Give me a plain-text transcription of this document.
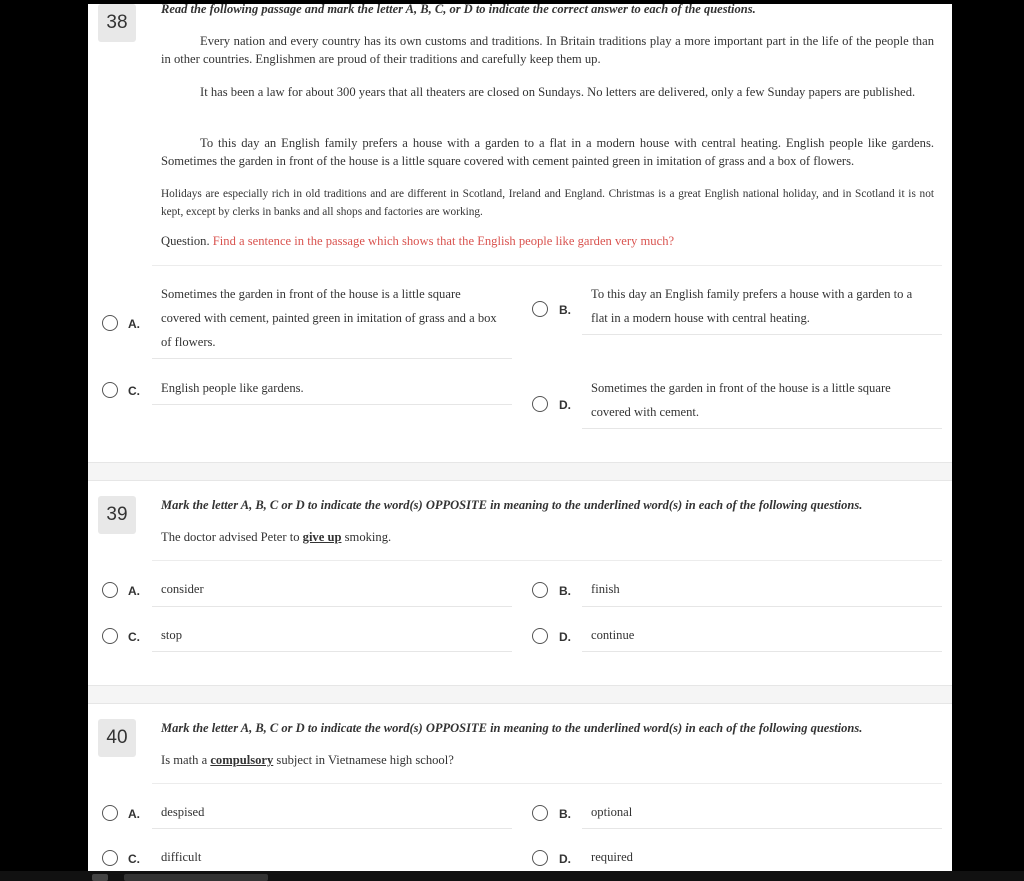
38
Read the following passage and mark the letter A, B, C, or D to indicate the correct answer to each of the questions.
Every nation and every country has its own customs and traditions. In Britain traditions play a more important part in the life of the people than in other countries. Englishmen are proud of their traditions and carefully keep them up.
It has been a law for about 300 years that all theaters are closed on Sundays. No letters are delivered, only a few Sunday papers are published.
To this day an English family prefers a house with a garden to a flat in a modern house with central heating. English people like gardens. Sometimes the garden in front of the house is a little square covered with cement painted green in imitation of grass and a box of flowers.
Holidays are especially rich in old traditions and are different in Scotland, Ireland and England. Christmas is a great English national holiday, and in Scotland it is not kept, except by clerks in banks and all shops and factories are working.
Question. Find a sentence in the passage which shows that the English people like garden very much?
A.
Sometimes the garden in front of the house is a little square covered with cement, painted green in imitation of grass and a box of flowers.
B.
To this day an English family prefers a house with a garden to a flat in a modern house with central heating.
C. English people like gardens.
D.
Sometimes the garden in front of the house is a little square covered with cement.
39	Mark the letter A, B, C or D to indicate the word(s) OPPOSITE in meaning to the underlined word(s) in each of the following questions.
The doctor advised Peter to give up smoking.
A. consider	B. finish
C. stop	D. continue
40	Mark the letter A, B, C or D to indicate the word(s) OPPOSITE in meaning to the underlined word(s) in each of the following questions.
Is math a compulsory subject in Vietnamese high school?
A. despised	B. optional
C. difficult	D. required
